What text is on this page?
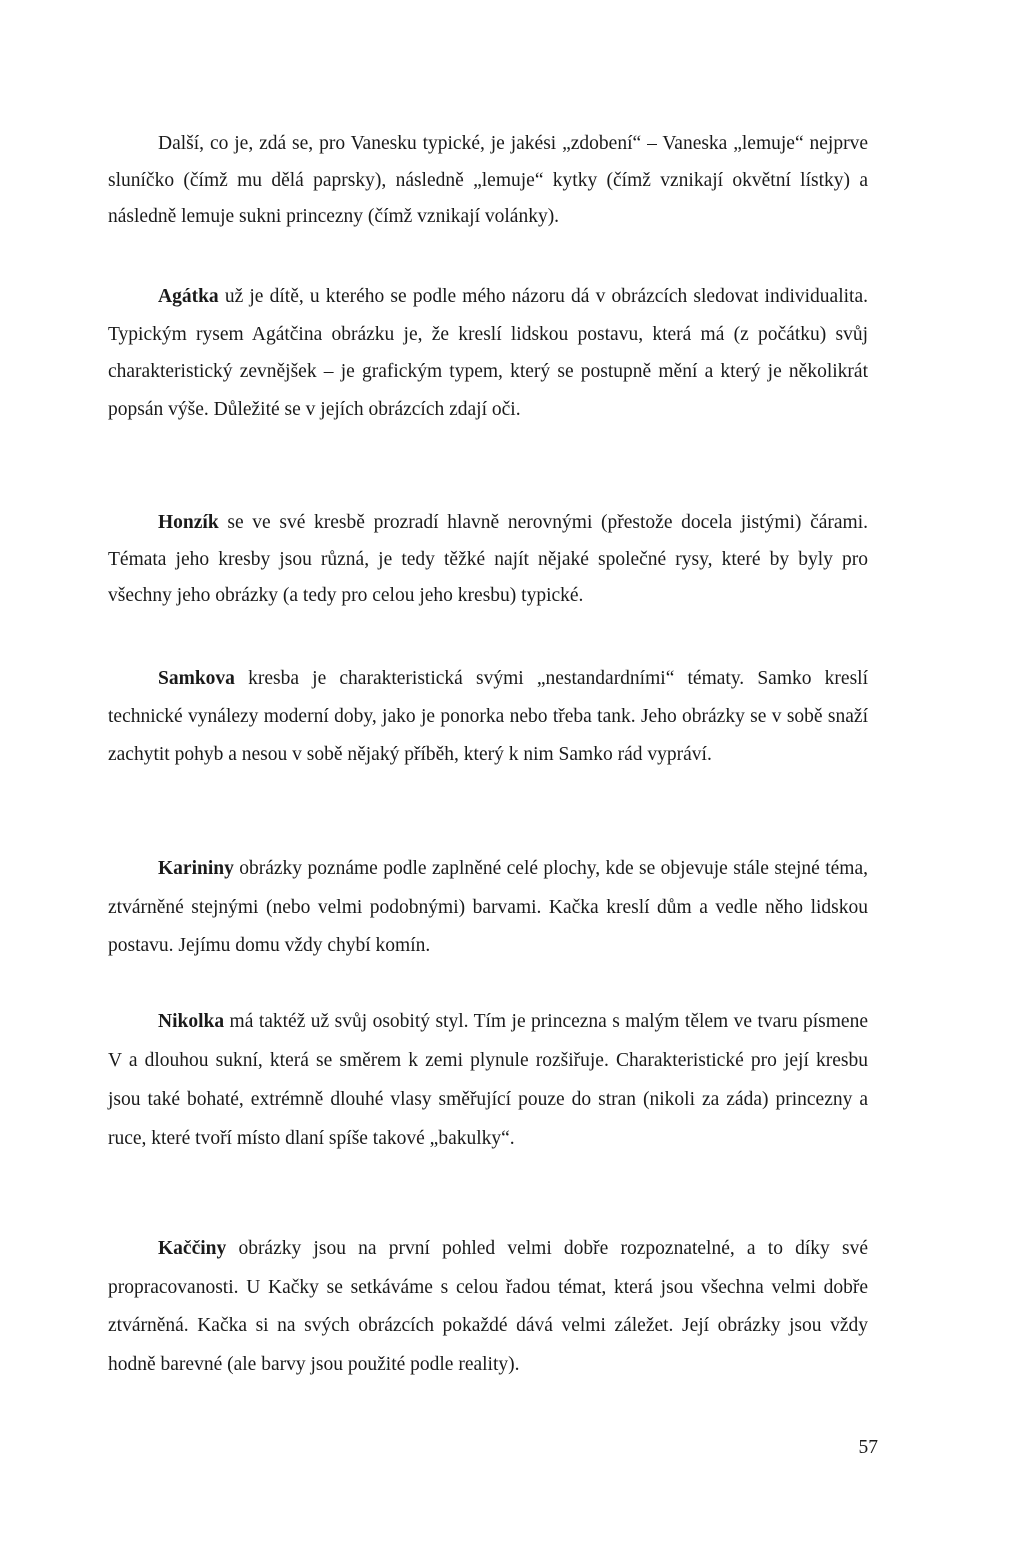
Další, co je, zdá se, pro Vanesku typické, je jakési „zdobení“ – Vaneska „lemuje“ nejprve sluníčko (čímž mu dělá paprsky), následně „lemuje“ kytky (čímž vznikají okvětní lístky) a následně lemuje sukni princezny (čímž vznikají volánky).

Agátka už je dítě, u kterého se podle mého názoru dá v obrázcích sledovat individualita. Typickým rysem Agátčina obrázku je, že kreslí lidskou postavu, která má (z počátku) svůj charakteristický zevnějšek – je grafickým typem, který se postupně mění a který je několikrát popsán výše. Důležité se v jejích obrázcích zdají oči.

Honzík se ve své kresbě prozradí hlavně nerovnými (přestože docela jistými) čárami. Témata jeho kresby jsou různá, je tedy těžké najít nějaké společné rysy, které by byly pro všechny jeho obrázky (a tedy pro celou jeho kresbu) typické.

Samkova kresba je charakteristická svými „nestandardními“ tématy. Samko kreslí technické vynálezy moderní doby, jako je ponorka nebo třeba tank. Jeho obrázky se v sobě snaží zachytit pohyb a nesou v sobě nějaký příběh, který k nim Samko rád vypráví.

Karininy obrázky poznáme podle zaplněné celé plochy, kde se objevuje stále stejné téma, ztvárněné stejnými (nebo velmi podobnými) barvami. Kačka kreslí dům a vedle něho lidskou postavu. Jejímu domu vždy chybí komín.

Nikolka má taktéž už svůj osobitý styl. Tím je princezna s malým tělem ve tvaru písmene V a dlouhou sukní, která se směrem k zemi plynule rozšiřuje. Charakteristické pro její kresbu jsou také bohaté, extrémně dlouhé vlasy směřující pouze do stran (nikoli za záda) princezny a ruce, které tvoří místo dlaní spíše takové „bakulky“.

Kaččiny obrázky jsou na první pohled velmi dobře rozpoznatelné, a to díky své propracovanosti. U Kačky se setkáváme s celou řadou témat, která jsou všechna velmi dobře ztvárněná. Kačka si na svých obrázcích pokaždé dává velmi záležet. Její obrázky jsou vždy hodně barevné (ale barvy jsou použité podle reality).

57
